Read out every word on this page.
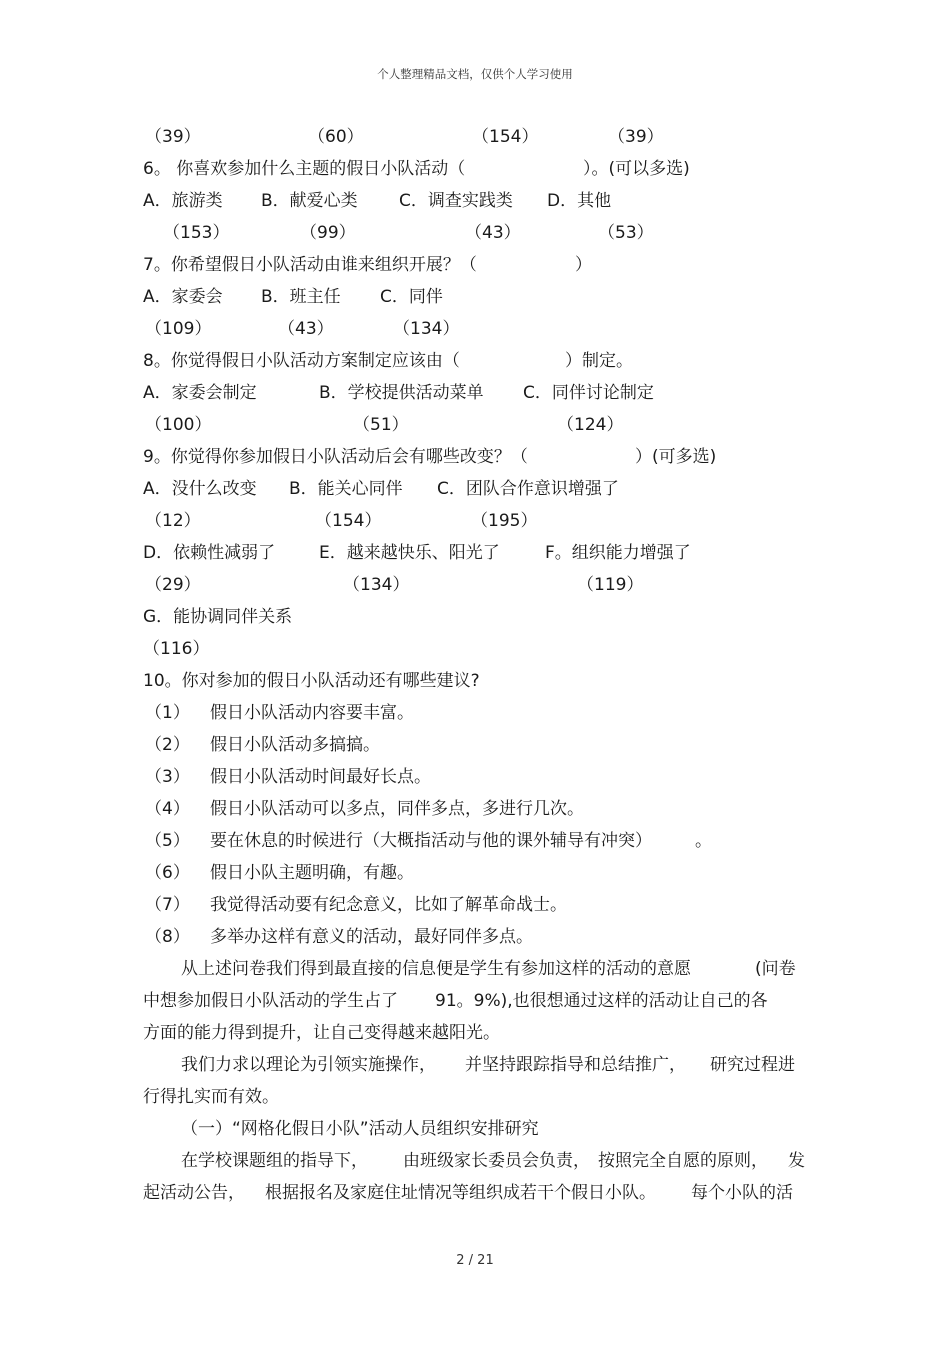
个人整理精品文档，仅供个人学习使用
（39）	（60）	（154）	（39）
6。 你喜欢参加什么主题的假日小队活动（	）。(可以多选)
A．旅游类 B．献爱心类 C．调查实践类 D．其他
（153）	（99）	（43）	（53）
7。你希望假日小队活动由谁来组织开展？（	）
A．家委会 B．班主任 C．同伴
（109）	（43）	（134）
8。你觉得假日小队活动方案制定应该由（	）制定。
A．家委会制定	B．学校提供活动菜单 C．同伴讨论制定
（100）	（51）	（124）
9。你觉得你参加假日小队活动后会有哪些改变？（	）(可多选)
A．没什么改变 B．能关心同伴 C．团队合作意识增强了
（12）	（154）	（195）
D．依赖性减弱了	E．越来越快乐、阳光了	F。组织能力增强了
（29）	（134）	（119）
G．能协调同伴关系
（116）
10。你对参加的假日小队活动还有哪些建议?
（1） 假日小队活动内容要丰富。
（2） 假日小队活动多搞搞。
（3） 假日小队活动时间最好长点。
（4） 假日小队活动可以多点，同伴多点，多进行几次。
（5） 要在休息的时候进行（大概指活动与他的课外辅导有冲突）	。
（6） 假日小队主题明确，有趣。
（7） 我觉得活动要有纪念意义，比如了解革命战士。
（8） 多举办这样有意义的活动，最好同伴多点。
从上述问卷我们得到最直接的信息便是学生有参加这样的活动的意愿	(问卷
中想参加假日小队活动的学生占了 91。9%),也很想通过这样的活动让自己的各
方面的能力得到提升，让自己变得越来越阳光。
我们力求以理论为引领实施操作， 并坚持跟踪指导和总结推广， 研究过程进
行得扎实而有效。
（一）“网格化假日小队”活动人员组织安排研究
在学校课题组的指导下， 由班级家长委员会负责， 按照完全自愿的原则， 发
起活动公告， 根据报名及家庭住址情况等组织成若干个假日小队。 每个小队的活
2 / 21
